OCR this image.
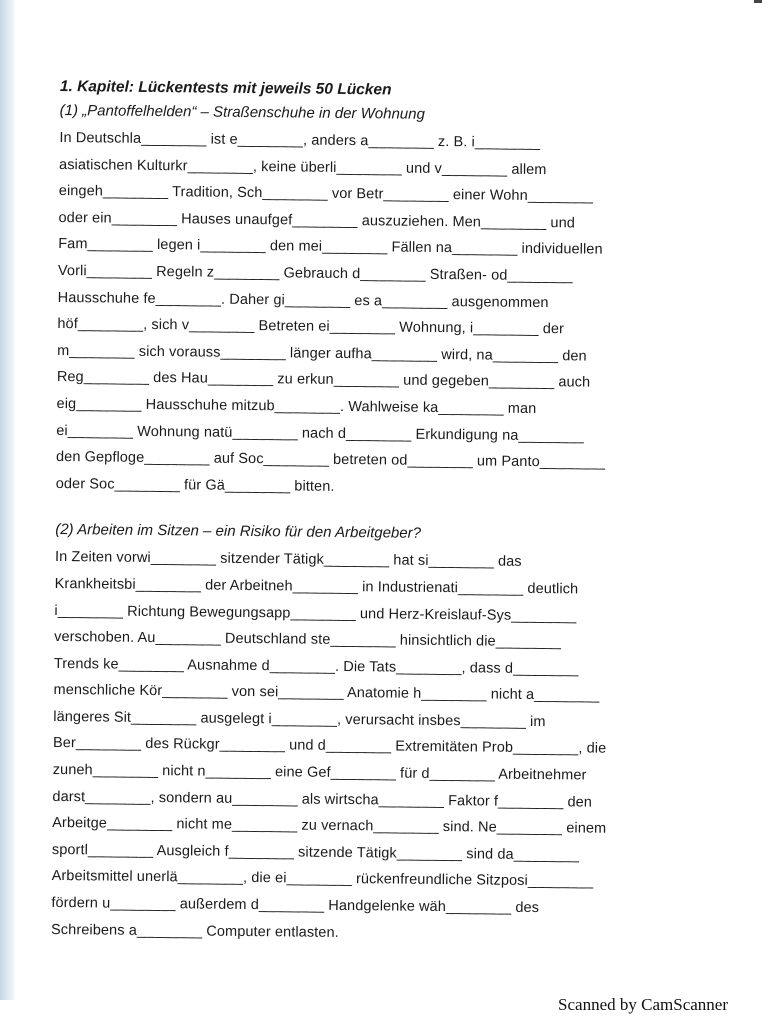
1. Kapitel: Lückentests mit jeweils 50 Lücken
(1) „Pantoffelhelden“ – Straßenschuhe in der Wohnung
In Deutschla________ ist e________, anders a________ z. B. i________
asiatischen Kulturkr________, keine überli________ und v________ allem
eingeh________ Tradition, Sch________ vor Betr________ einer Wohn________
oder ein________ Hauses unaufgef________ auszuziehen. Men________ und
Fam________ legen i________ den mei________ Fällen na________ individuellen
Vorli________ Regeln z________ Gebrauch d________ Straßen- od________
Hausschuhe fe________. Daher gi________ es a________ ausgenommen
höf________, sich v________ Betreten ei________ Wohnung, i________ der
m________ sich vorauss________ länger aufha________ wird, na________ den
Reg________ des Hau________ zu erkun________ und gegeben________ auch
eig________ Hausschuhe mitzub________. Wahlweise ka________ man
ei________ Wohnung natü________ nach d________ Erkundigung na________
den Gepfloge________ auf Soc________ betreten od________ um Panto________
oder Soc________ für Gä________ bitten.
(2) Arbeiten im Sitzen – ein Risiko für den Arbeitgeber?
In Zeiten vorwi________ sitzender Tätigk________ hat si________ das
Krankheitsbi________ der Arbeitneh________ in Industrienati________ deutlich
i________ Richtung Bewegungsapp________ und Herz-Kreislauf-Sys________
verschoben. Au________ Deutschland ste________ hinsichtlich die________
Trends ke________ Ausnahme d________. Die Tats________, dass d________
menschliche Kör________ von sei________ Anatomie h________ nicht a________
längeres Sit________ ausgelegt i________, verursacht insbes________ im
Ber________ des Rückgr________ und d________ Extremitäten Prob________, die
zuneh________ nicht n________ eine Gef________ für d________ Arbeitnehmer
darst________, sondern au________ als wirtscha________ Faktor f________ den
Arbeitge________ nicht me________ zu vernach________ sind. Ne________ einem
sportl________ Ausgleich f________ sitzende Tätigk________ sind da________
Arbeitsmittel unerlä________, die ei________ rückenfreundliche Sitzposi________
fördern u________ außerdem d________ Handgelenke wäh________ des
Schreibens a________ Computer entlasten.
Scanned by CamScanner
